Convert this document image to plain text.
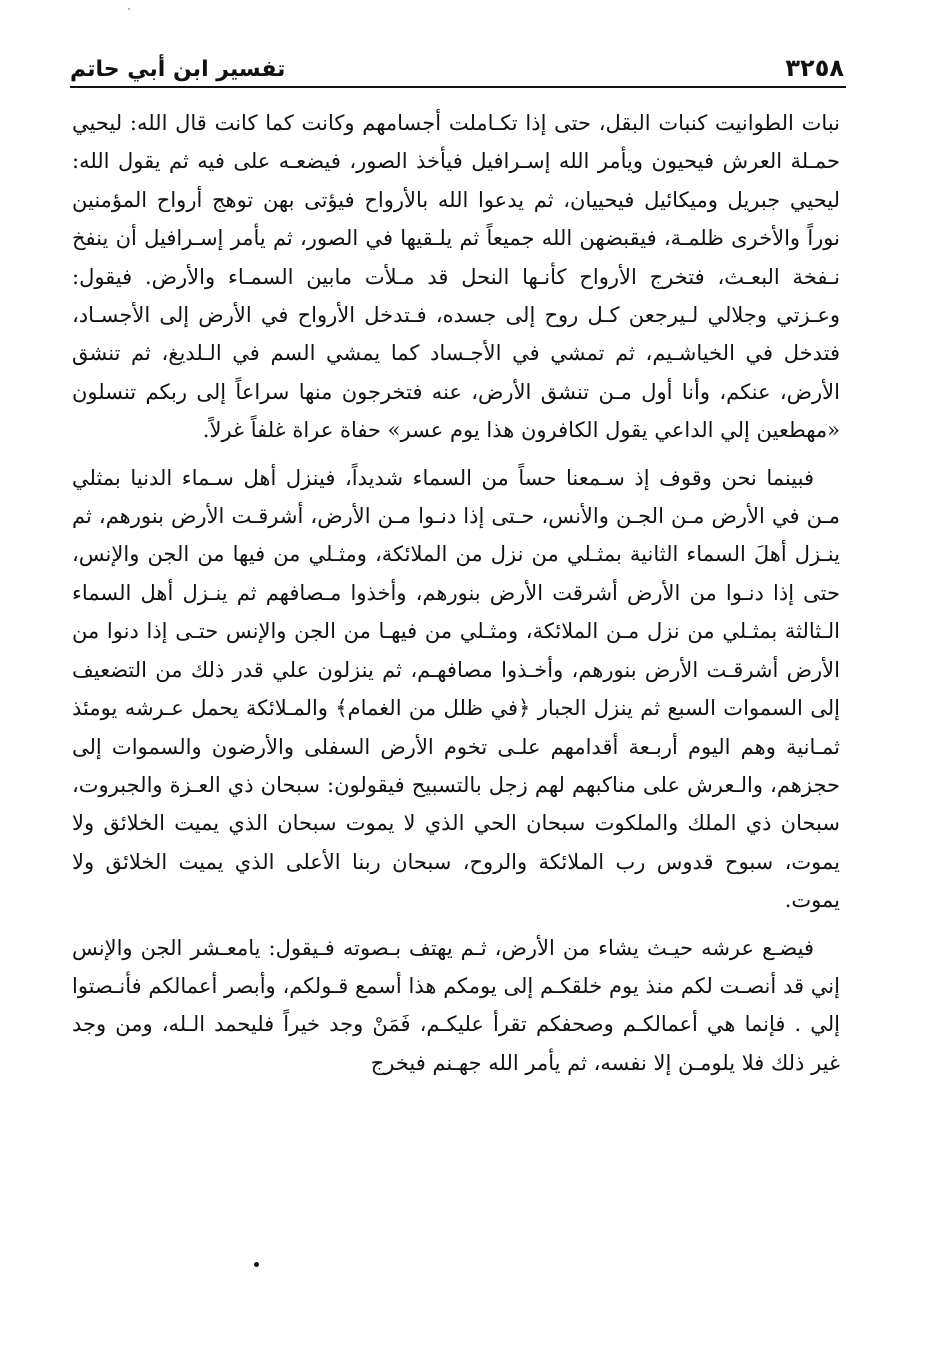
تفسير ابن أبي حاتم	٣٢٥٨

نبات الطوانيت كنبات البقل، حتى إذا تكـاملت أجسامهم وكانت كما كانت قال الله: ليحيي حمـلة العرش فيحيون ويأمر الله إسـرافيل فيأخذ الصور، فيضعـه على فيه ثم يقول الله: ليحيي جبريل وميكائيل فيحييان، ثم يدعوا الله بالأرواح فيؤتى بهن توهج أرواح المؤمنين نوراً والأخرى ظلمـة، فيقبضهن الله جميعاً ثم يلـقيها في الصور، ثم يأمر إسـرافيل أن ينفخ نـفخة البعـث، فتخرج الأرواح كأنـها النحل قد مـلأت مابين السمـاء والأرض. فيقول: وعـزتي وجلالي لـيرجعن كـل روح إلى جسده، فـتدخل الأرواح في الأرض إلى الأجسـاد، فتدخل في الخياشـيم، ثم تمشي في الأجـساد كما يمشي السم في الـلديغ، ثم تنشق الأرض، عنكم، وأنا أول مـن تنشق الأرض، عنه فتخرجون منها سراعاً إلى ربكم تنسلون «مهطعين إلي الداعي يقول الكافرون هذا يوم عسر» حفاة عراة غلفاً غرلاً.

فبينما نحن وقوف إذ سـمعنا حساً من السماء شديداً، فينزل أهل سـماء الدنيا بمثلي مـن في الأرض مـن الجـن والأنس، حـتى إذا دنـوا مـن الأرض، أشرقـت الأرض بنورهم، ثم ينـزل أهلَ السماء الثانية بمثـلي من نزل من الملائكة، ومثـلي من فيها من الجن والإنس، حتى إذا دنـوا من الأرض أشرقت الأرض بنورهم، وأخذوا مـصافهم ثم ينـزل أهل السماء الـثالثة بمثـلي من نزل مـن الملائكة، ومثـلي من فيهـا من الجن والإنس حتـى إذا دنوا من الأرض أشرقـت الأرض بنورهم، وأخـذوا مصافهـم، ثم ينزلون علي قدر ذلك من التضعيف إلى السموات السبع ثم ينزل الجبار ﴿في ظلل من الغمام﴾ والمـلائكة يحمل عـرشه يومئذ ثمـانية وهم اليوم أربـعة أقدامهم علـى تخوم الأرض السفلى والأرضون والسموات إلى حجزهم، والـعرش على مناكبهم لهم زجل بالتسبيح فيقولون: سبحان ذي العـزة والجبروت، سبحان ذي الملك والملكوت سبحان الحي الذي لا يموت سبحان الذي يميت الخلائق ولا يموت، سبوح قدوس رب الملائكة والروح، سبحان ربنا الأعلى الذي يميت الخلائق ولا يموت.

فيضـع عرشه حيـث يشاء من الأرض، ثـم يهتف بـصوته فـيقول: يامعـشر الجن والإنس إني قد أنصـت لكم منذ يوم خلقكـم إلى يومكم هذا أسمع قـولكم، وأبصر أعمالكم فأنـصتوا إلي . فإنما هي أعمالكـم وصحفكم تقرأ عليكـم، فَمَنْ وجد خيراً فليحمد الـله، ومن وجد غير ذلك فلا يلومـن إلا نفسه، ثم يأمر الله جهـنم فيخرج
